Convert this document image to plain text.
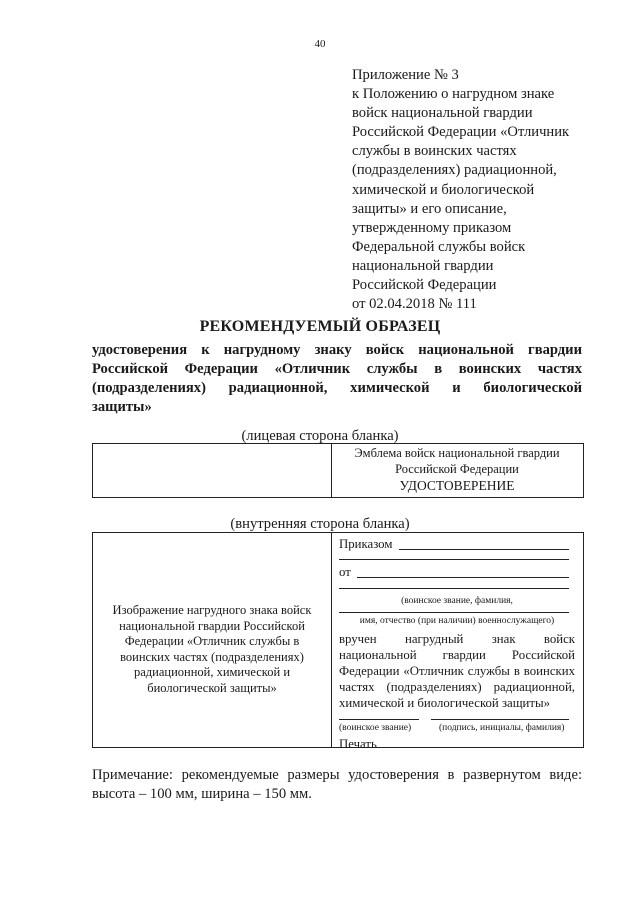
40
Приложение № 3
к Положению о нагрудном знаке
войск национальной гвардии
Российской Федерации «Отличник
службы в воинских частях
(подразделениях) радиационной,
химической и биологической
защиты» и его описание,
утвержденному приказом
Федеральной службы войск
национальной гвардии
Российской Федерации
от 02.04.2018 № 111
РЕКОМЕНДУЕМЫЙ ОБРАЗЕЦ
удостоверения к нагрудному знаку войск национальной гвардии
Российской Федерации «Отличник службы в воинских частях
(подразделениях) радиационной, химической и биологической
защиты»
(лицевая сторона бланка)
Эмблема войск национальной гвардии
Российской Федерации
УДОСТОВЕРЕНИЕ
(внутренняя сторона бланка)
Изображение нагрудного знака войск
национальной гвардии Российской
Федерации «Отличник службы в
воинских частях (подразделениях)
радиационной, химической и
биологической защиты»
Приказом
от
(воинское звание, фамилия,
имя, отчество (при наличии) военнослужащего)
вручен нагрудный знак войск
национальной гвардии Российской
Федерации «Отличник службы в воинских
частях (подразделениях) радиационной,
химической и биологической защиты»
(воинское звание)	(подпись, инициалы, фамилия)
Печать
Примечание: рекомендуемые размеры удостоверения в развернутом виде:
высота – 100 мм, ширина – 150 мм.
